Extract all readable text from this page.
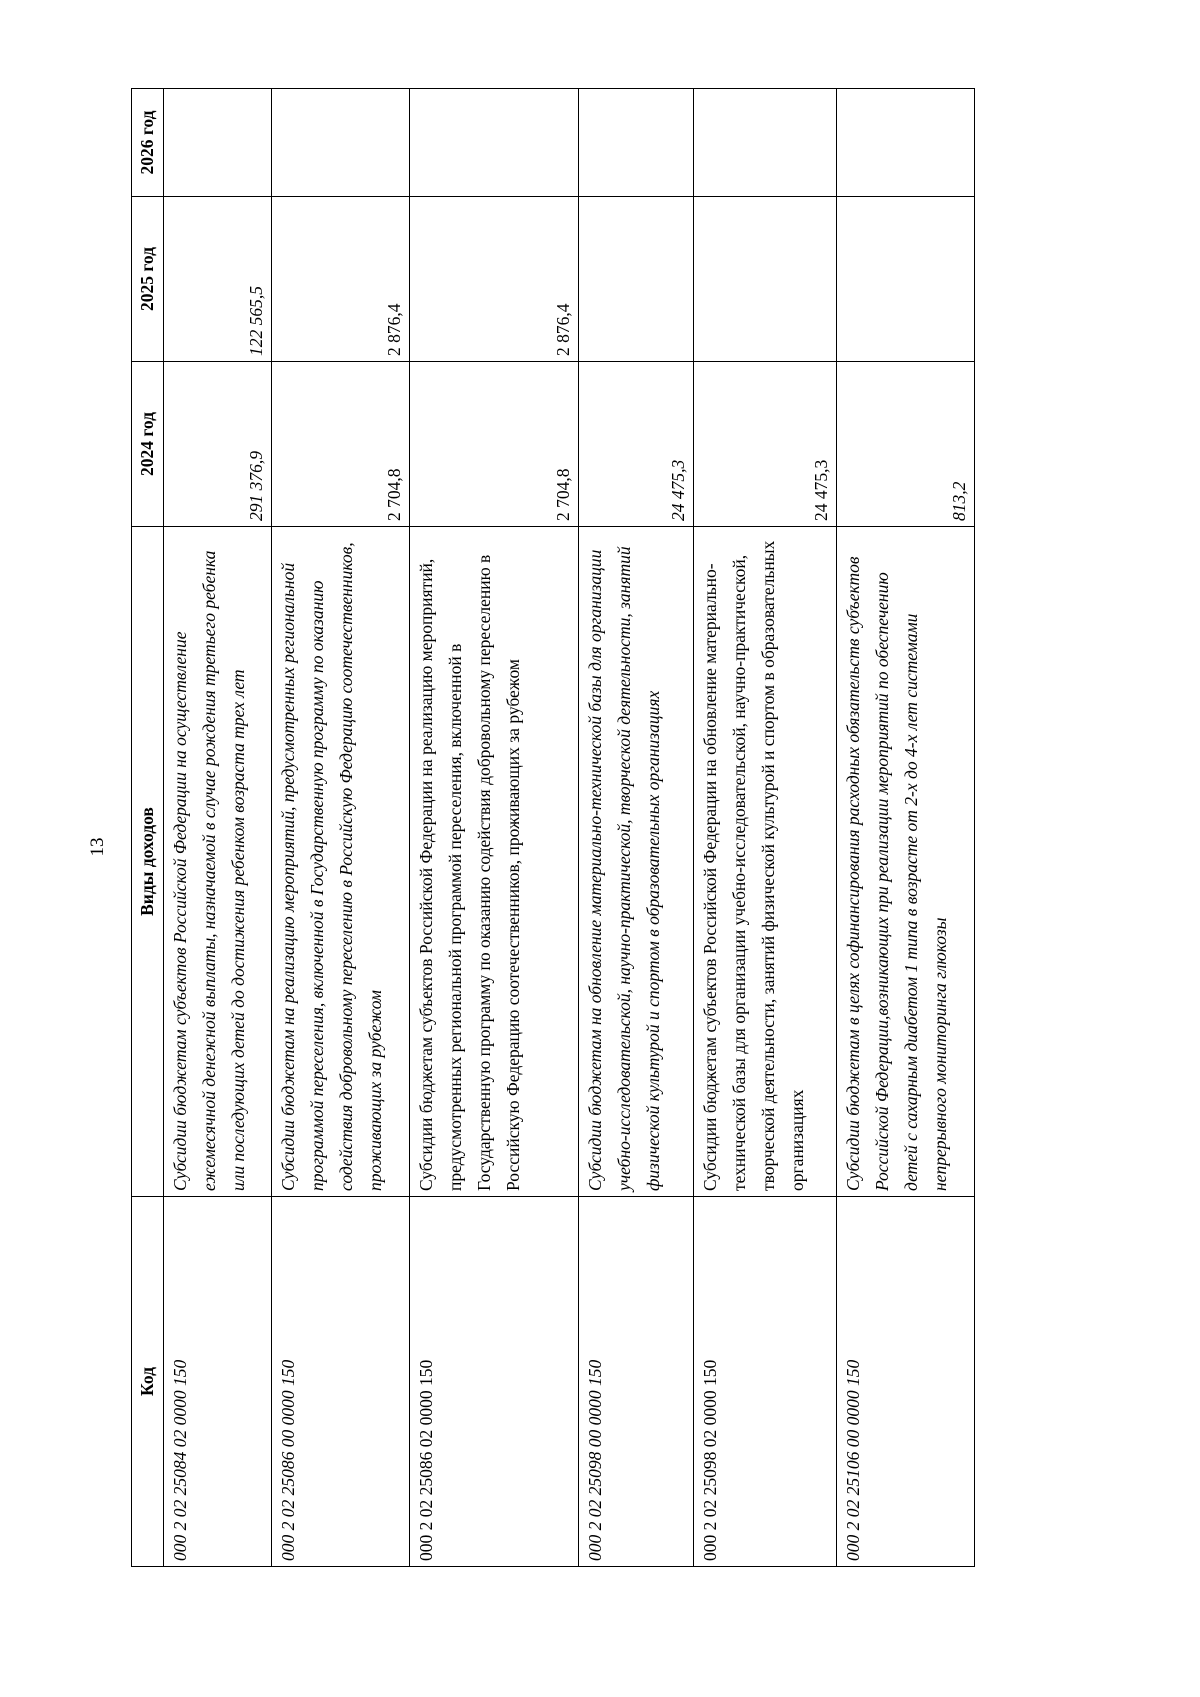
13
Код	Виды доходов	2024 год	2025 год	2026 год
000 2 02 25084 02 0000 150	Субсидии бюджетам субъектов Российской Федерации на осуществление ежемесячной денежной выплаты, назначаемой в случае рождения третьего ребенка или последующих детей до достижения ребенком возраста трех лет	291 376,9	122 565,5	
000 2 02 25086 00 0000 150	Субсидии бюджетам на реализацию мероприятий, предусмотренных региональной программой переселения, включенной в Государственную программу по оказанию содействия добровольному переселению в Российскую Федерацию соотечественников, проживающих за рубежом	2 704,8	2 876,4	
000 2 02 25086 02 0000 150	Субсидии бюджетам субъектов Российской Федерации на реализацию мероприятий, предусмотренных региональной программой переселения, включенной в Государственную программу по оказанию содействия добровольному переселению в Российскую Федерацию соотечественников, проживающих за рубежом	2 704,8	2 876,4	
000 2 02 25098 00 0000 150	Субсидии бюджетам на обновление материально-технической базы для организации учебно-исследовательской, научно-практической, творческой деятельности, занятий физической культурой и спортом в образовательных организациях	24 475,3		
000 2 02 25098 02 0000 150	Субсидии бюджетам субъектов Российской Федерации на обновление материально-технической базы для организации учебно-исследовательской, научно-практической, творческой деятельности, занятий физической культурой и спортом в образовательных организациях	24 475,3		
000 2 02 25106 00 0000 150	Субсидии бюджетам в целях софинансирования расходных обязательств субъектов Российской Федерации,возникающих при реализации мероприятий по обеспечению детей с сахарным диабетом 1 типа в возрасте от 2-х до 4-х лет системами непрерывного мониторинга глюкозы	813,2		
